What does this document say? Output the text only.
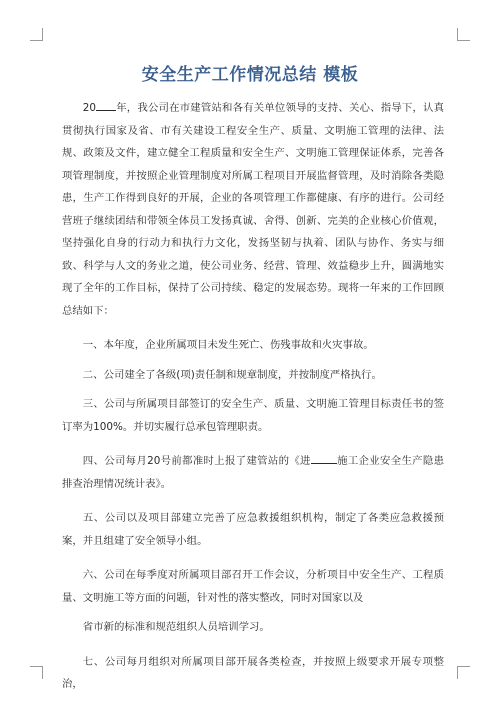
安全生产工作情况总结 模板

20 年，我公司在市建管站和各有关单位领导的支持、关心、指导下，认真贯彻执行国家及省、市有关建设工程安全生产、质量、文明施工管理的法律、法规、政策及文件，建立健全工程质量和安全生产、文明施工管理保证体系，完善各项管理制度，并按照企业管理制度对所属工程项目开展监督管理，及时消除各类隐患，生产工作得到良好的开展，企业的各项管理工作都健康、有序的进行。公司经营班子继续团结和带领全体员工发扬真诚、舍得、创新、完美的企业核心价值观，坚持强化自身的行动力和执行力文化，发扬坚韧与执着、团队与协作、务实与细致、科学与人文的务业之道，使公司业务、经营、管理、效益稳步上升，圆满地实现了全年的工作目标，保持了公司持续、稳定的发展态势。现将一年来的工作回顾总结如下：

一、本年度，企业所属项目未发生死亡、伤残事故和火灾事故。

二、公司建全了各级(项)责任制和规章制度，并按制度严格执行。

三、公司与所属项目部签订的安全生产、质量、文明施工管理目标责任书的签订率为100%。并切实履行总承包管理职责。

四、公司每月20号前都准时上报了建管站的《进	施工企业安全生产隐患排查治理情况统计表》。

五、公司以及项目部建立完善了应急救援组织机构，制定了各类应急救援预案，并且组建了安全领导小组。

六、公司在每季度对所属项目部召开工作会议，分析项目中安全生产、工程质量、文明施工等方面的问题，针对性的落实整改，同时对国家以及

省市新的标准和规范组织人员培训学习。

七、公司每月组织对所属项目部开展各类检查，并按照上级要求开展专项整治，
